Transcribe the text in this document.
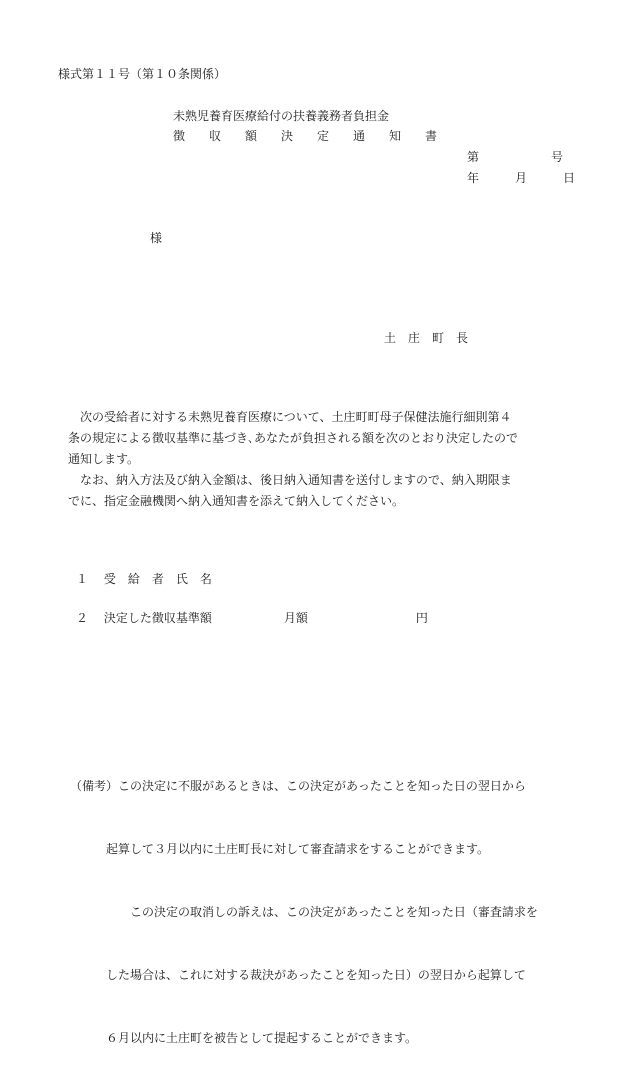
様式第１１号（第１０条関係）
未熟児養育医療給付の扶養義務者負担金
徴　　収　　額　　決　　定　　通　　知　　書
第　　　　　　号
年　　　月　　　日
様
土　庄　町　長

　次の受給者に対する未熟児養育医療について、土庄町町母子保健法施行細則第４

条の規定による徴収基準に基づき､あなたが負担される額を次のとおり決定したので

通知します。

　なお、納入方法及び納入金額は、後日納入通知書を送付しますので、納入期限ま

でに、指定金融機関へ納入通知書を添えて納入してください。

１　 受　給　者　氏　名
２　 決定した徴収基準額　　　　　　月額　　　　　　　　　円

（備考）この決定に不服があるときは、この決定があったことを知った日の翌日から

　　　起算して３月以内に土庄町長に対して審査請求をすることができます。

　　　　　この決定の取消しの訴えは、この決定があったことを知った日（審査請求を

　　　した場合は、これに対する裁決があったことを知った日）の翌日から起算して

　　　６月以内に土庄町を被告として提起することができます。
